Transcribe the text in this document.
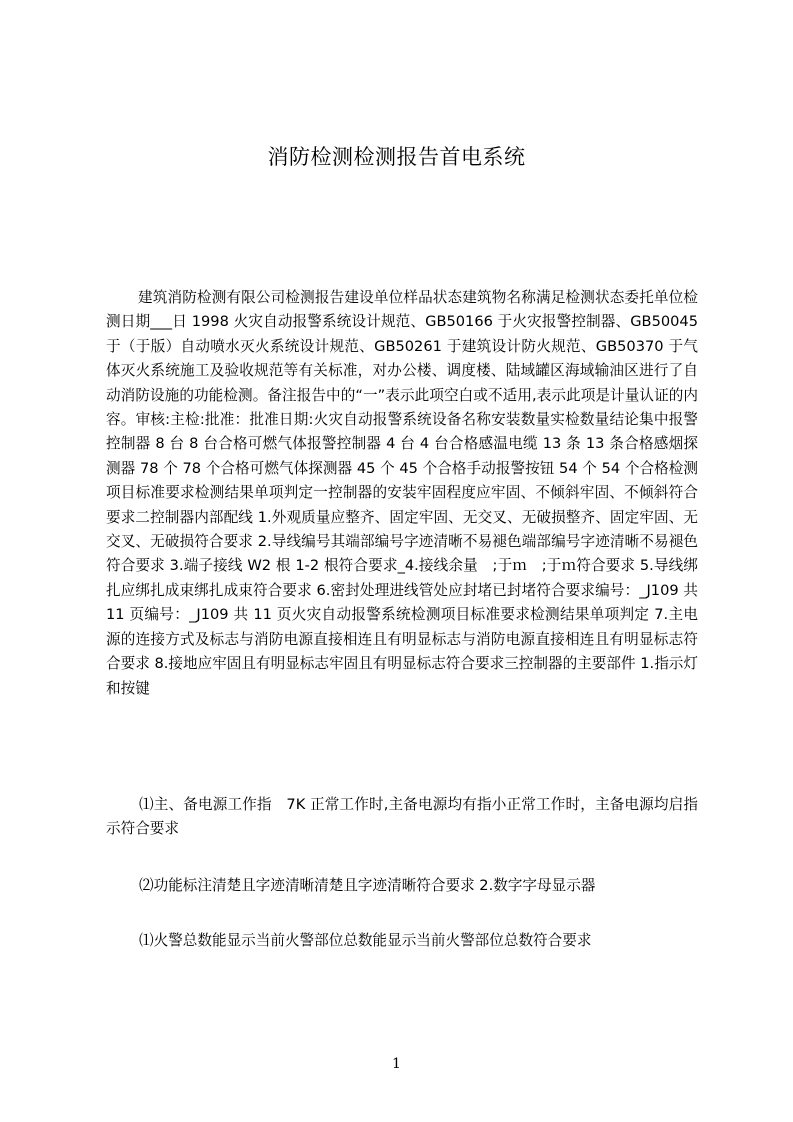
消防检测检测报告首电系统

建筑消防检测有限公司检测报告建设单位样品状态建筑物名称满足检测状态委托单位检测日期___日 1998 火灾自动报警系统设计规范、GB50166 于火灾报警控制器、GB50045 于（于版）自动喷水灭火系统设计规范、GB50261 于建筑设计防火规范、GB50370 于气体灭火系统施工及验收规范等有关标准，对办公楼、调度楼、陆域罐区海域输油区进行了自动消防设施的功能检测。备注报告中的“一”表示此项空白或不适用,表示此项是计量认证的内容。审核:主检:批准：批准日期:火灾自动报警系统设备名称安装数量实检数量结论集中报警控制器 8 台 8 台合格可燃气体报警控制器 4 台 4 台合格感温电缆 13 条 13 条合格感烟探测器 78 个 78 个合格可燃气体探测器 45 个 45 个合格手动报警按钮 54 个 54 个合格检测项目标准要求检测结果单项判定一控制器的安装牢固程度应牢固、不倾斜牢固、不倾斜符合要求二控制器内部配线 1.外观质量应整齐、固定牢固、无交叉、无破损整齐、固定牢固、无交叉、无破损符合要求 2.导线编号其端部编号字迹清晰不易褪色端部编号字迹清晰不易褪色符合要求 3.端子接线 W2 根 1-2 根符合要求_4.接线余量　;于ｍ　;于ｍ符合要求 5.导线绑扎应绑扎成束绑扎成束符合要求 6.密封处理进线管处应封堵已封堵符合要求编号：_J109 共 11 页编号：_J109 共 11 页火灾自动报警系统检测项目标准要求检测结果单项判定 7.主电源的连接方式及标志与消防电源直接相连且有明显标志与消防电源直接相连且有明显标志符合要求 8.接地应牢固且有明显标志牢固且有明显标志符合要求三控制器的主要部件 1.指示灯和按键

⑴主、备电源工作指　7K 正常工作时,主备电源均有指小正常工作时，主备电源均启指示符合要求

⑵功能标注清楚且字迹清晰清楚且字迹清晰符合要求 2.数字字母显示器

⑴火警总数能显示当前火警部位总数能显示当前火警部位总数符合要求

1
